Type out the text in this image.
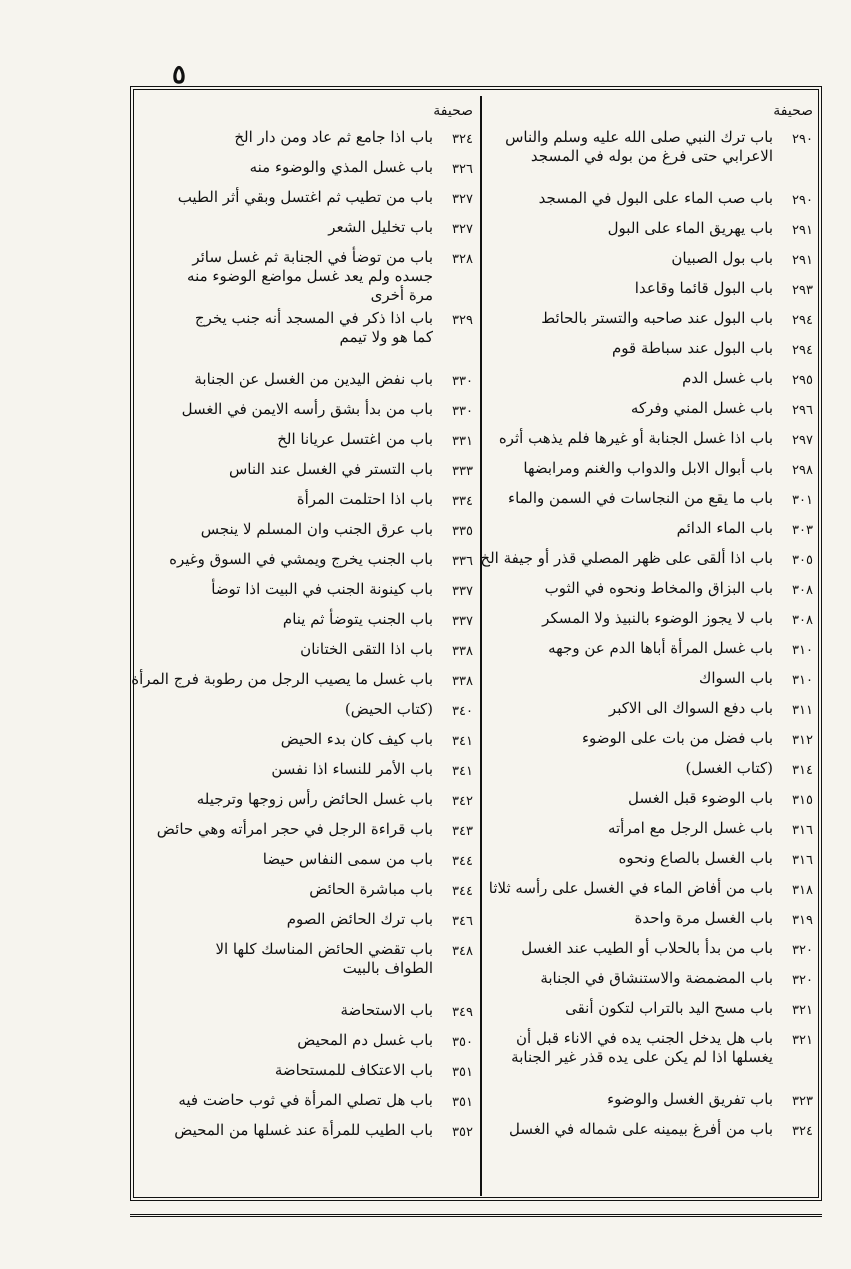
٥
صحيفة
٢٩٠
باب ترك النبي صلى الله عليه وسلم والناس الاعرابي حتى فرغ من بوله في المسجد
٢٩٠
باب صب الماء على البول في المسجد
٢٩١
باب يهريق الماء على البول
٢٩١
باب بول الصبيان
٢٩٣
باب البول قائما وقاعدا
٢٩٤
باب البول عند صاحبه والتستر بالحائط
٢٩٤
باب البول عند سباطة قوم
٢٩٥
باب غسل الدم
٢٩٦
باب غسل المني وفركه
٢٩٧
باب اذا غسل الجنابة أو غيرها فلم يذهب أثره
٢٩٨
باب أبوال الابل والدواب والغنم ومرابضها
٣٠١
باب ما يقع من النجاسات في السمن والماء
٣٠٣
باب الماء الدائم
٣٠٥
باب اذا ألقى على ظهر المصلي قذر أو جيفة الخ
٣٠٨
باب البزاق والمخاط ونحوه في الثوب
٣٠٨
باب لا يجوز الوضوء بالنبيذ ولا المسكر
٣١٠
باب غسل المرأة أباها الدم عن وجهه
٣١٠
باب السواك
٣١١
باب دفع السواك الى الاكبر
٣١٢
باب فضل من بات على الوضوء
٣١٤
(كتاب الغسل)
٣١٥
باب الوضوء قبل الغسل
٣١٦
باب غسل الرجل مع امرأته
٣١٦
باب الغسل بالصاع ونحوه
٣١٨
باب من أفاض الماء في الغسل على رأسه ثلاثا
٣١٩
باب الغسل مرة واحدة
٣٢٠
باب من بدأ بالحلاب أو الطيب عند الغسل
٣٢٠
باب المضمضة والاستنشاق في الجنابة
٣٢١
باب مسح اليد بالتراب لتكون أنقى
٣٢١
باب هل يدخل الجنب يده في الاناء قبل أن يغسلها اذا لم يكن على يده قذر غير الجنابة
٣٢٣
باب تفريق الغسل والوضوء
٣٢٤
باب من أفرغ بيمينه على شماله في الغسل
صحيفة
٣٢٤
باب اذا جامع ثم عاد ومن دار الخ
٣٢٦
باب غسل المذي والوضوء منه
٣٢٧
باب من تطيب ثم اغتسل وبقي أثر الطيب
٣٢٧
باب تخليل الشعر
٣٢٨
باب من توضأ في الجنابة ثم غسل سائر جسده ولم يعد غسل مواضع الوضوء منه مرة أخرى
٣٢٩
باب اذا ذكر في المسجد أنه جنب يخرج كما هو ولا تيمم
٣٣٠
باب نفض اليدين من الغسل عن الجنابة
٣٣٠
باب من بدأ بشق رأسه الايمن في الغسل
٣٣١
باب من اغتسل عريانا الخ
٣٣٣
باب التستر في الغسل عند الناس
٣٣٤
باب اذا احتلمت المرأة
٣٣٥
باب عرق الجنب وان المسلم لا ينجس
٣٣٦
باب الجنب يخرج ويمشي في السوق وغيره
٣٣٧
باب كينونة الجنب في البيت اذا توضأ
٣٣٧
باب الجنب يتوضأ ثم ينام
٣٣٨
باب اذا التقى الختانان
٣٣٨
باب غسل ما يصيب الرجل من رطوبة فرج المرأة
٣٤٠
(كتاب الحيض)
٣٤١
باب كيف كان بدء الحيض
٣٤١
باب الأمر للنساء اذا نفسن
٣٤٢
باب غسل الحائض رأس زوجها وترجيله
٣٤٣
باب قراءة الرجل في حجر امرأته وهي حائض
٣٤٤
باب من سمى النفاس حيضا
٣٤٤
باب مباشرة الحائض
٣٤٦
باب ترك الحائض الصوم
٣٤٨
باب تقضي الحائض المناسك كلها الا الطواف بالبيت
٣٤٩
باب الاستحاضة
٣٥٠
باب غسل دم المحيض
٣٥١
باب الاعتكاف للمستحاضة
٣٥١
باب هل تصلي المرأة في ثوب حاضت فيه
٣٥٢
باب الطيب للمرأة عند غسلها من المحيض
